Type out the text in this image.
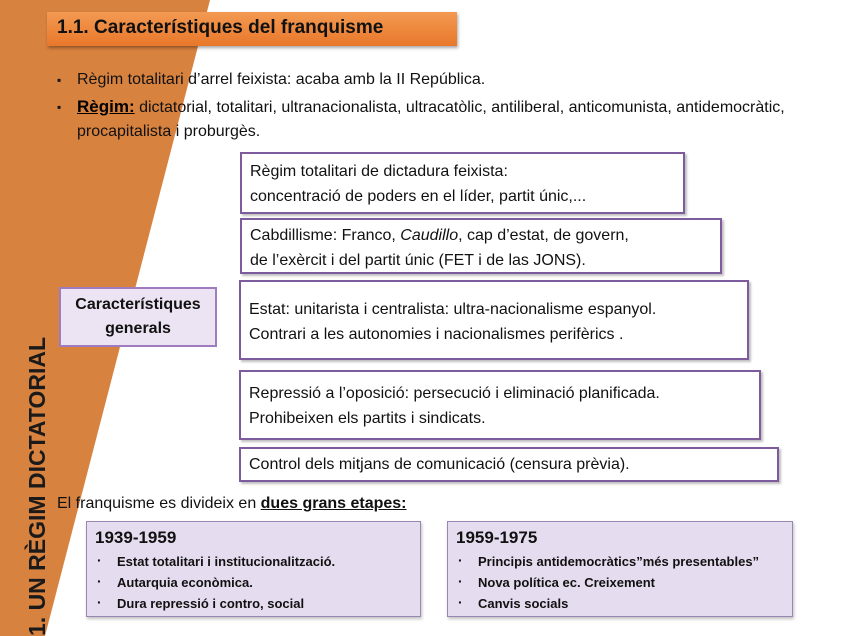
1. UN RÈGIM DICTATORIAL
1.1. Característiques del franquisme
▪ Règim totalitari d’arrel feixista: acaba amb la II República.
▪ Règim: dictatorial, totalitari, ultranacionalista, ultracatòlic, antiliberal, anticomunista, antidemocràtic, procapitalista i proburgès.
Característiques generals
Règim totalitari de dictadura feixista:
concentració de poders en el líder, partit únic,...
Cabdillisme: Franco, Caudillo, cap d’estat, de govern,
de l’exèrcit i del partit únic (FET i de las JONS).
Estat: unitarista i centralista: ultra-nacionalisme espanyol.
Contrari a les autonomies i nacionalismes perifèrics .
Repressió a l’oposició: persecució i eliminació planificada.
Prohibeixen els partits i sindicats.
Control dels mitjans de comunicació (censura prèvia).
El franquisme es divideix en dues grans etapes:
1939-1959
· Estat totalitari i institucionalització.
· Autarquia econòmica.
· Dura repressió i contro, social
1959-1975
· Principis antidemocràtics”més presentables”
· Nova política ec. Creixement
· Canvis socials
